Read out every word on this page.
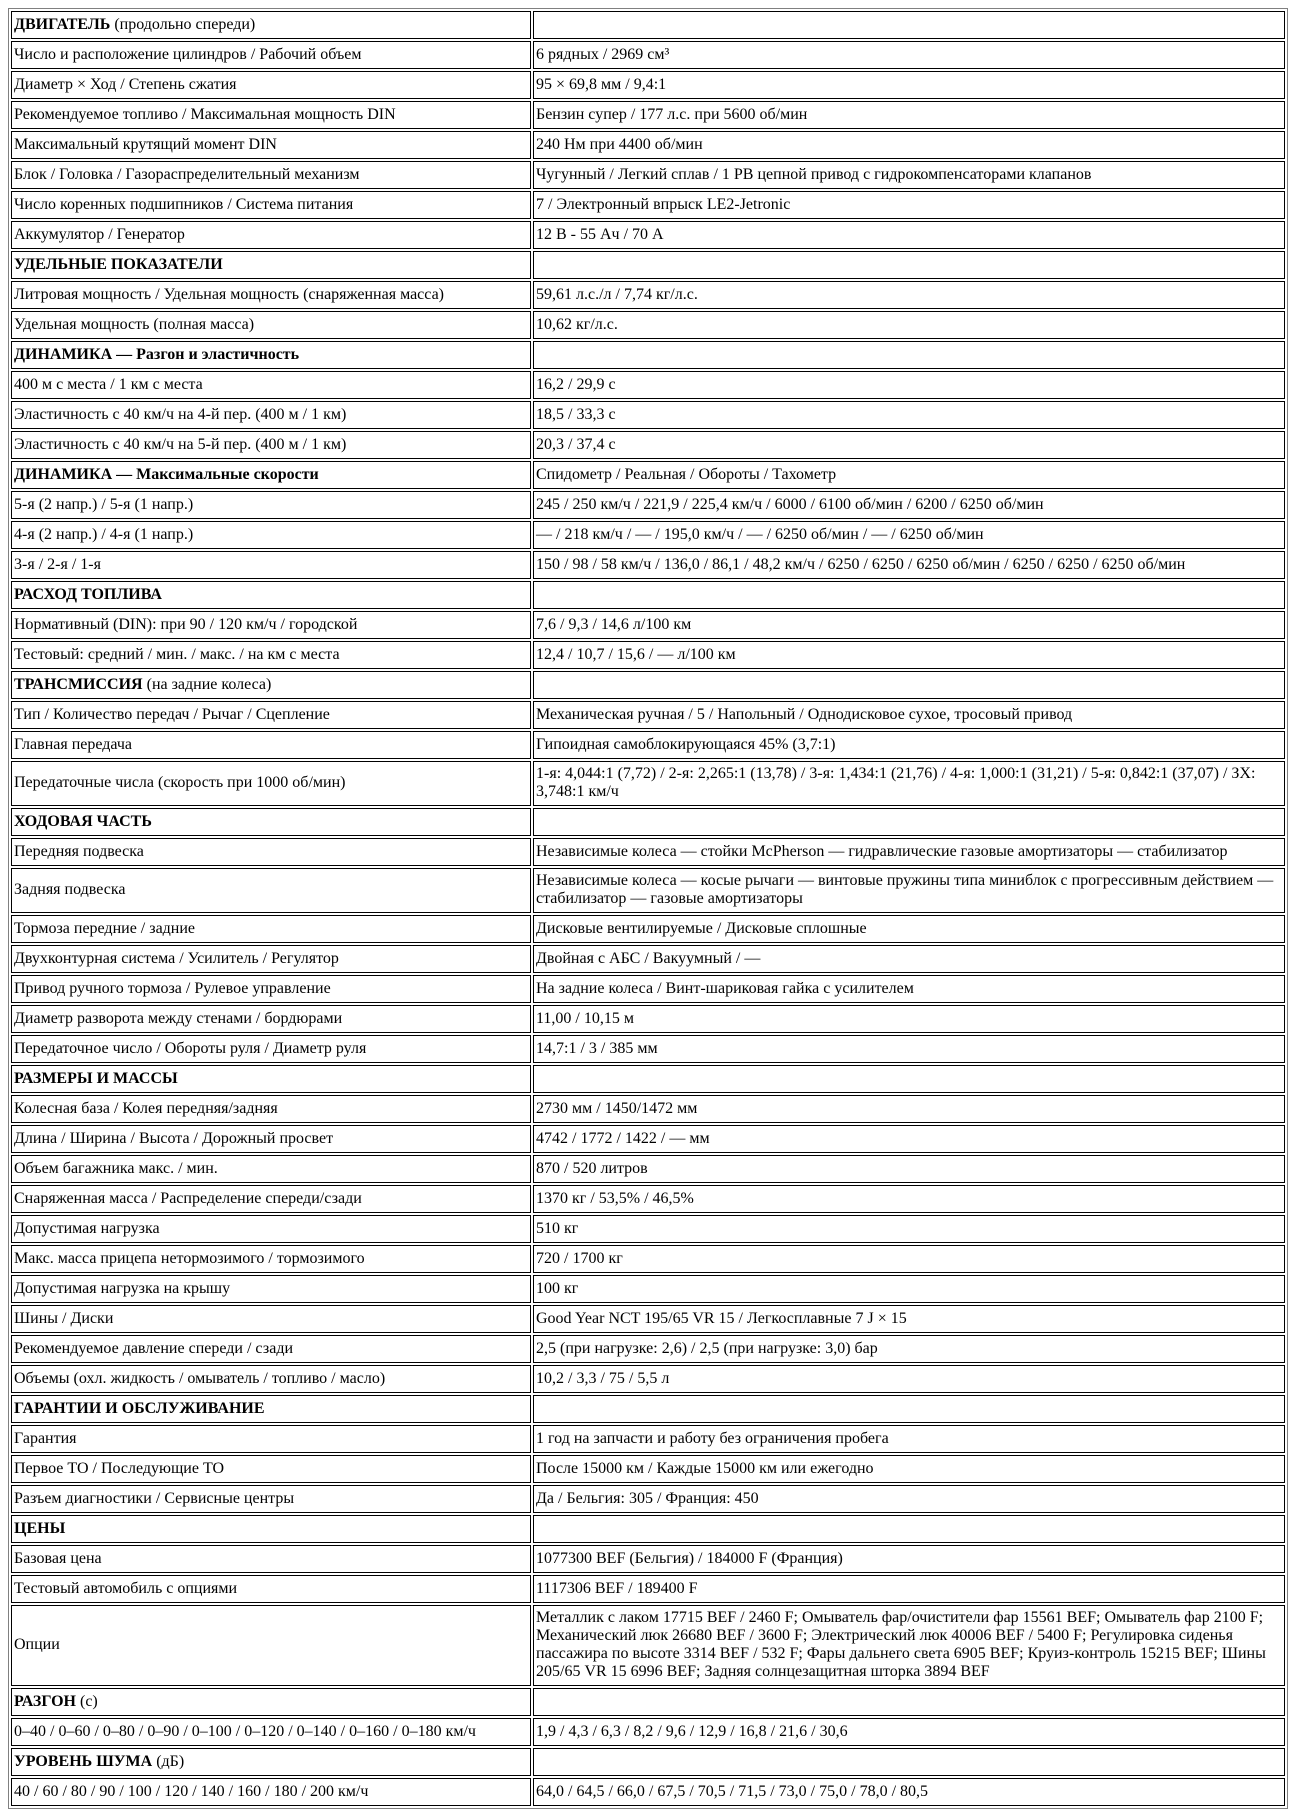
ДВИГАТЕЛЬ (продольно спереди)	
Число и расположение цилиндров / Рабочий объем	6 рядных / 2969 см³
Диаметр × Ход / Степень сжатия	95 × 69,8 мм / 9,4:1
Рекомендуемое топливо / Максимальная мощность DIN	Бензин супер / 177 л.с. при 5600 об/мин
Максимальный крутящий момент DIN	240 Нм при 4400 об/мин
Блок / Головка / Газораспределительный механизм	Чугунный / Легкий сплав / 1 РВ цепной привод с гидрокомпенсаторами клапанов
Число коренных подшипников / Система питания	7 / Электронный впрыск LE2-Jetronic
Аккумулятор / Генератор	12 В - 55 Ач / 70 А
УДЕЛЬНЫЕ ПОКАЗАТЕЛИ	
Литровая мощность / Удельная мощность (снаряженная масса)	59,61 л.с./л / 7,74 кг/л.с.
Удельная мощность (полная масса)	10,62 кг/л.с.
ДИНАМИКА — Разгон и эластичность	
400 м с места / 1 км с места	16,2 / 29,9 с
Эластичность с 40 км/ч на 4-й пер. (400 м / 1 км)	18,5 / 33,3 с
Эластичность с 40 км/ч на 5-й пер. (400 м / 1 км)	20,3 / 37,4 с
ДИНАМИКА — Максимальные скорости	Спидометр / Реальная / Обороты / Тахометр
5-я (2 напр.) / 5-я (1 напр.)	245 / 250 км/ч / 221,9 / 225,4 км/ч / 6000 / 6100 об/мин / 6200 / 6250 об/мин
4-я (2 напр.) / 4-я (1 напр.)	— / 218 км/ч / — / 195,0 км/ч / — / 6250 об/мин / — / 6250 об/мин
3-я / 2-я / 1-я	150 / 98 / 58 км/ч / 136,0 / 86,1 / 48,2 км/ч / 6250 / 6250 / 6250 об/мин / 6250 / 6250 / 6250 об/мин
РАСХОД ТОПЛИВА	
Нормативный (DIN): при 90 / 120 км/ч / городской	7,6 / 9,3 / 14,6 л/100 км
Тестовый: средний / мин. / макс. / на км с места	12,4 / 10,7 / 15,6 / — л/100 км
ТРАНСМИССИЯ (на задние колеса)	
Тип / Количество передач / Рычаг / Сцепление	Механическая ручная / 5 / Напольный / Однодисковое сухое, тросовый привод
Главная передача	Гипоидная самоблокирующаяся 45% (3,7:1)
Передаточные числа (скорость при 1000 об/мин)	1-я: 4,044:1 (7,72) / 2-я: 2,265:1 (13,78) / 3-я: 1,434:1 (21,76) / 4-я: 1,000:1 (31,21) / 5-я: 0,842:1 (37,07) / ЗХ: 3,748:1 км/ч
ХОДОВАЯ ЧАСТЬ	
Передняя подвеска	Независимые колеса — стойки McPherson — гидравлические газовые амортизаторы — стабилизатор
Задняя подвеска	Независимые колеса — косые рычаги — винтовые пружины типа миниблок с прогрессивным действием — стабилизатор — газовые амортизаторы
Тормоза передние / задние	Дисковые вентилируемые / Дисковые сплошные
Двухконтурная система / Усилитель / Регулятор	Двойная с АБС / Вакуумный / —
Привод ручного тормоза / Рулевое управление	На задние колеса / Винт-шариковая гайка с усилителем
Диаметр разворота между стенами / бордюрами	11,00 / 10,15 м
Передаточное число / Обороты руля / Диаметр руля	14,7:1 / 3 / 385 мм
РАЗМЕРЫ И МАССЫ	
Колесная база / Колея передняя/задняя	2730 мм / 1450/1472 мм
Длина / Ширина / Высота / Дорожный просвет	4742 / 1772 / 1422 / — мм
Объем багажника макс. / мин.	870 / 520 литров
Снаряженная масса / Распределение спереди/сзади	1370 кг / 53,5% / 46,5%
Допустимая нагрузка	510 кг
Макс. масса прицепа нетормозимого / тормозимого	720 / 1700 кг
Допустимая нагрузка на крышу	100 кг
Шины / Диски	Good Year NCT 195/65 VR 15 / Легкосплавные 7 J × 15
Рекомендуемое давление спереди / сзади	2,5 (при нагрузке: 2,6) / 2,5 (при нагрузке: 3,0) бар
Объемы (охл. жидкость / омыватель / топливо / масло)	10,2 / 3,3 / 75 / 5,5 л
ГАРАНТИИ И ОБСЛУЖИВАНИЕ	
Гарантия	1 год на запчасти и работу без ограничения пробега
Первое ТО / Последующие ТО	После 15000 км / Каждые 15000 км или ежегодно
Разъем диагностики / Сервисные центры	Да / Бельгия: 305 / Франция: 450
ЦЕНЫ	
Базовая цена	1077300 BEF (Бельгия) / 184000 F (Франция)
Тестовый автомобиль с опциями	1117306 BEF / 189400 F
Опции	Металлик с лаком 17715 BEF / 2460 F; Омыватель фар/очистители фар 15561 BEF; Омыватель фар 2100 F; Механический люк 26680 BEF / 3600 F; Электрический люк 40006 BEF / 5400 F; Регулировка сиденья пассажира по высоте 3314 BEF / 532 F; Фары дальнего света 6905 BEF; Круиз-контроль 15215 BEF; Шины 205/65 VR 15 6996 BEF; Задняя солнцезащитная шторка 3894 BEF
РАЗГОН (с)	
0–40 / 0–60 / 0–80 / 0–90 / 0–100 / 0–120 / 0–140 / 0–160 / 0–180 км/ч	1,9 / 4,3 / 6,3 / 8,2 / 9,6 / 12,9 / 16,8 / 21,6 / 30,6
УРОВЕНЬ ШУМА (дБ)	
40 / 60 / 80 / 90 / 100 / 120 / 140 / 160 / 180 / 200 км/ч	64,0 / 64,5 / 66,0 / 67,5 / 70,5 / 71,5 / 73,0 / 75,0 / 78,0 / 80,5
